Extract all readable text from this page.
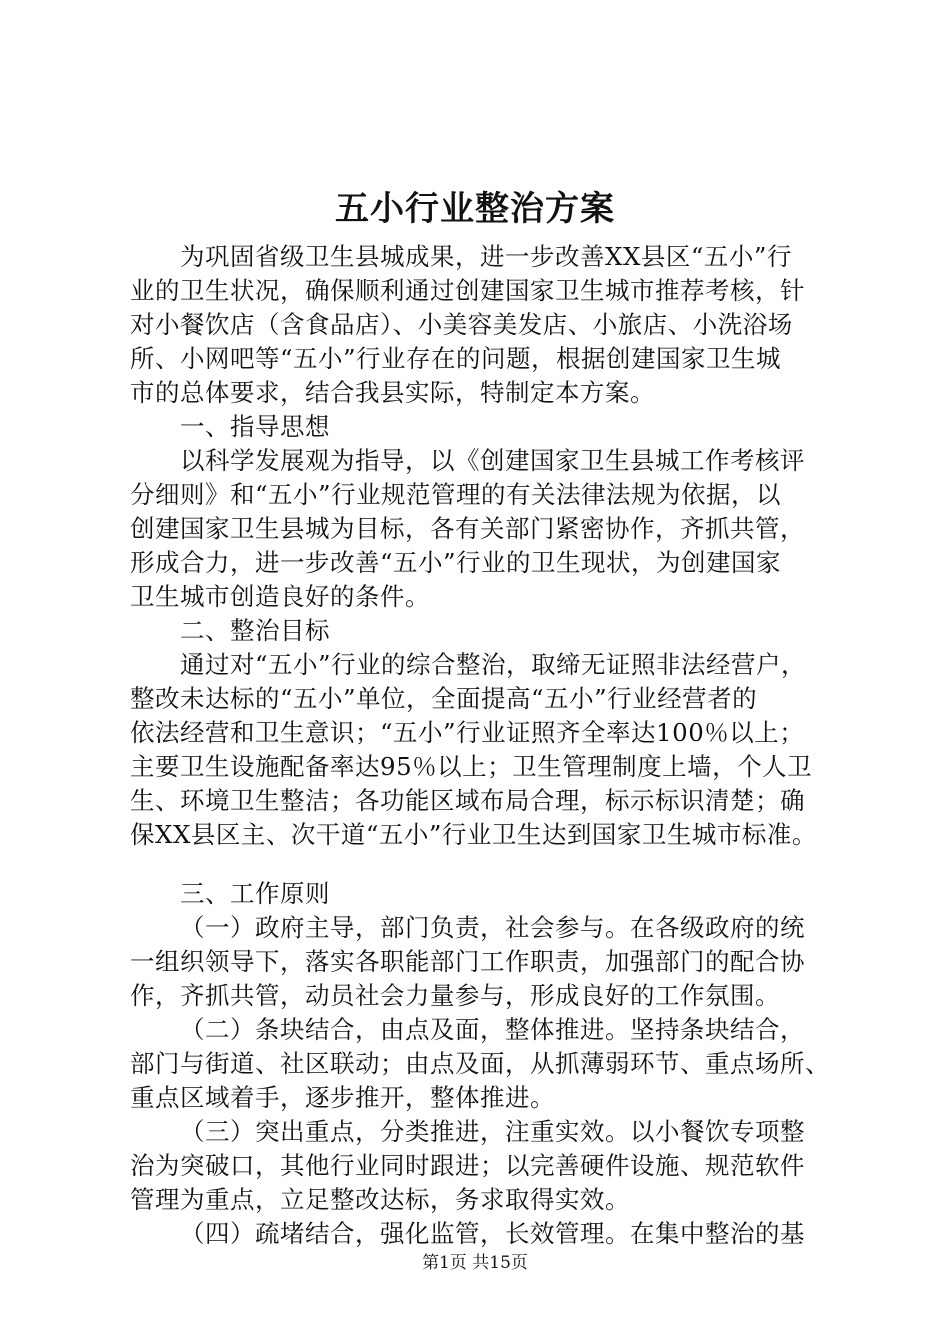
五小行业整治方案
为巩固省级卫生县城成果，进一步改善XX县区“五小”行
业的卫生状况，确保顺利通过创建国家卫生城市推荐考核，针
对小餐饮店（含食品店）、小美容美发店、小旅店、小洗浴场
所、小网吧等“五小”行业存在的问题，根据创建国家卫生城
市的总体要求，结合我县实际，特制定本方案。
一、指导思想
以科学发展观为指导，以《创建国家卫生县城工作考核评
分细则》和“五小”行业规范管理的有关法律法规为依据，以
创建国家卫生县城为目标，各有关部门紧密协作，齐抓共管，
形成合力，进一步改善“五小”行业的卫生现状，为创建国家
卫生城市创造良好的条件。
二、整治目标
通过对“五小”行业的综合整治，取缔无证照非法经营户，
整改未达标的“五小”单位，全面提高“五小”行业经营者的
依法经营和卫生意识；“五小”行业证照齐全率达100％以上；
主要卫生设施配备率达95％以上；卫生管理制度上墙，个人卫
生、环境卫生整洁；各功能区域布局合理，标示标识清楚；确
保XX县区主、次干道“五小”行业卫生达到国家卫生城市标准。
三、工作原则
（一）政府主导，部门负责，社会参与。在各级政府的统
一组织领导下，落实各职能部门工作职责，加强部门的配合协
作，齐抓共管，动员社会力量参与，形成良好的工作氛围。
（二）条块结合，由点及面，整体推进。坚持条块结合，
部门与街道、社区联动；由点及面，从抓薄弱环节、重点场所、
重点区域着手，逐步推开，整体推进。
（三）突出重点，分类推进，注重实效。以小餐饮专项整
治为突破口，其他行业同时跟进；以完善硬件设施、规范软件
管理为重点，立足整改达标，务求取得实效。
（四）疏堵结合，强化监管，长效管理。在集中整治的基
第1页 共15页
